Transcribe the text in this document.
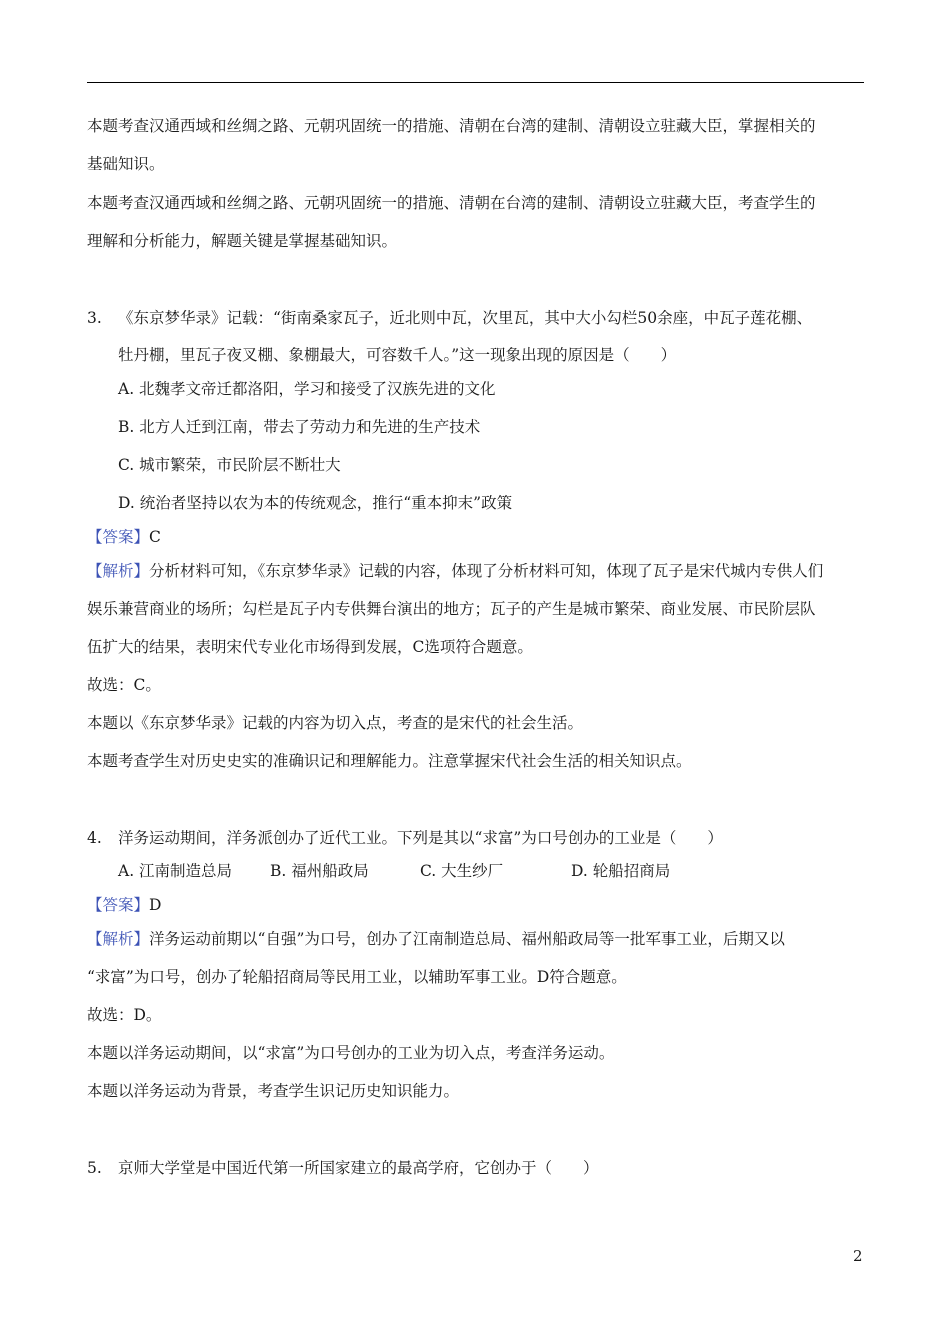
本题考查汉通西域和丝绸之路、元朝巩固统一的措施、清朝在台湾的建制、清朝设立驻藏大臣，掌握相关的
基础知识。
本题考查汉通西域和丝绸之路、元朝巩固统一的措施、清朝在台湾的建制、清朝设立驻藏大臣，考查学生的
理解和分析能力，解题关键是掌握基础知识。
3. 《东京梦华录》记载：“街南桑家瓦子，近北则中瓦，次里瓦，其中大小勾栏50余座，中瓦子莲花棚、
牡丹棚，里瓦子夜叉棚、象棚最大，可容数千人。”这一现象出现的原因是（　　）
A. 北魏孝文帝迁都洛阳，学习和接受了汉族先进的文化
B. 北方人迁到江南，带去了劳动力和先进的生产技术
C. 城市繁荣，市民阶层不断壮大
D. 统治者坚持以农为本的传统观念，推行“重本抑末”政策
【答案】C
【解析】分析材料可知，《东京梦华录》记载的内容，体现了分析材料可知，体现了瓦子是宋代城内专供人们
娱乐兼营商业的场所；勾栏是瓦子内专供舞台演出的地方；瓦子的产生是城市繁荣、商业发展、市民阶层队
伍扩大的结果，表明宋代专业化市场得到发展，C选项符合题意。
故选：C。
本题以《东京梦华录》记载的内容为切入点，考查的是宋代的社会生活。
本题考查学生对历史史实的准确识记和理解能力。注意掌握宋代社会生活的相关知识点。
4. 洋务运动期间，洋务派创办了近代工业。下列是其以“求富”为口号创办的工业是（　　）
A. 江南制造总局 B. 福州船政局	C. 大生纱厂	D. 轮船招商局
【答案】D
【解析】洋务运动前期以“自强”为口号，创办了江南制造总局、福州船政局等一批军事工业，后期又以
“求富”为口号，创办了轮船招商局等民用工业，以辅助军事工业。D符合题意。
故选：D。
本题以洋务运动期间，以“求富”为口号创办的工业为切入点，考查洋务运动。
本题以洋务运动为背景，考查学生识记历史知识能力。
5. 京师大学堂是中国近代第一所国家建立的最高学府，它创办于（　　）
2
